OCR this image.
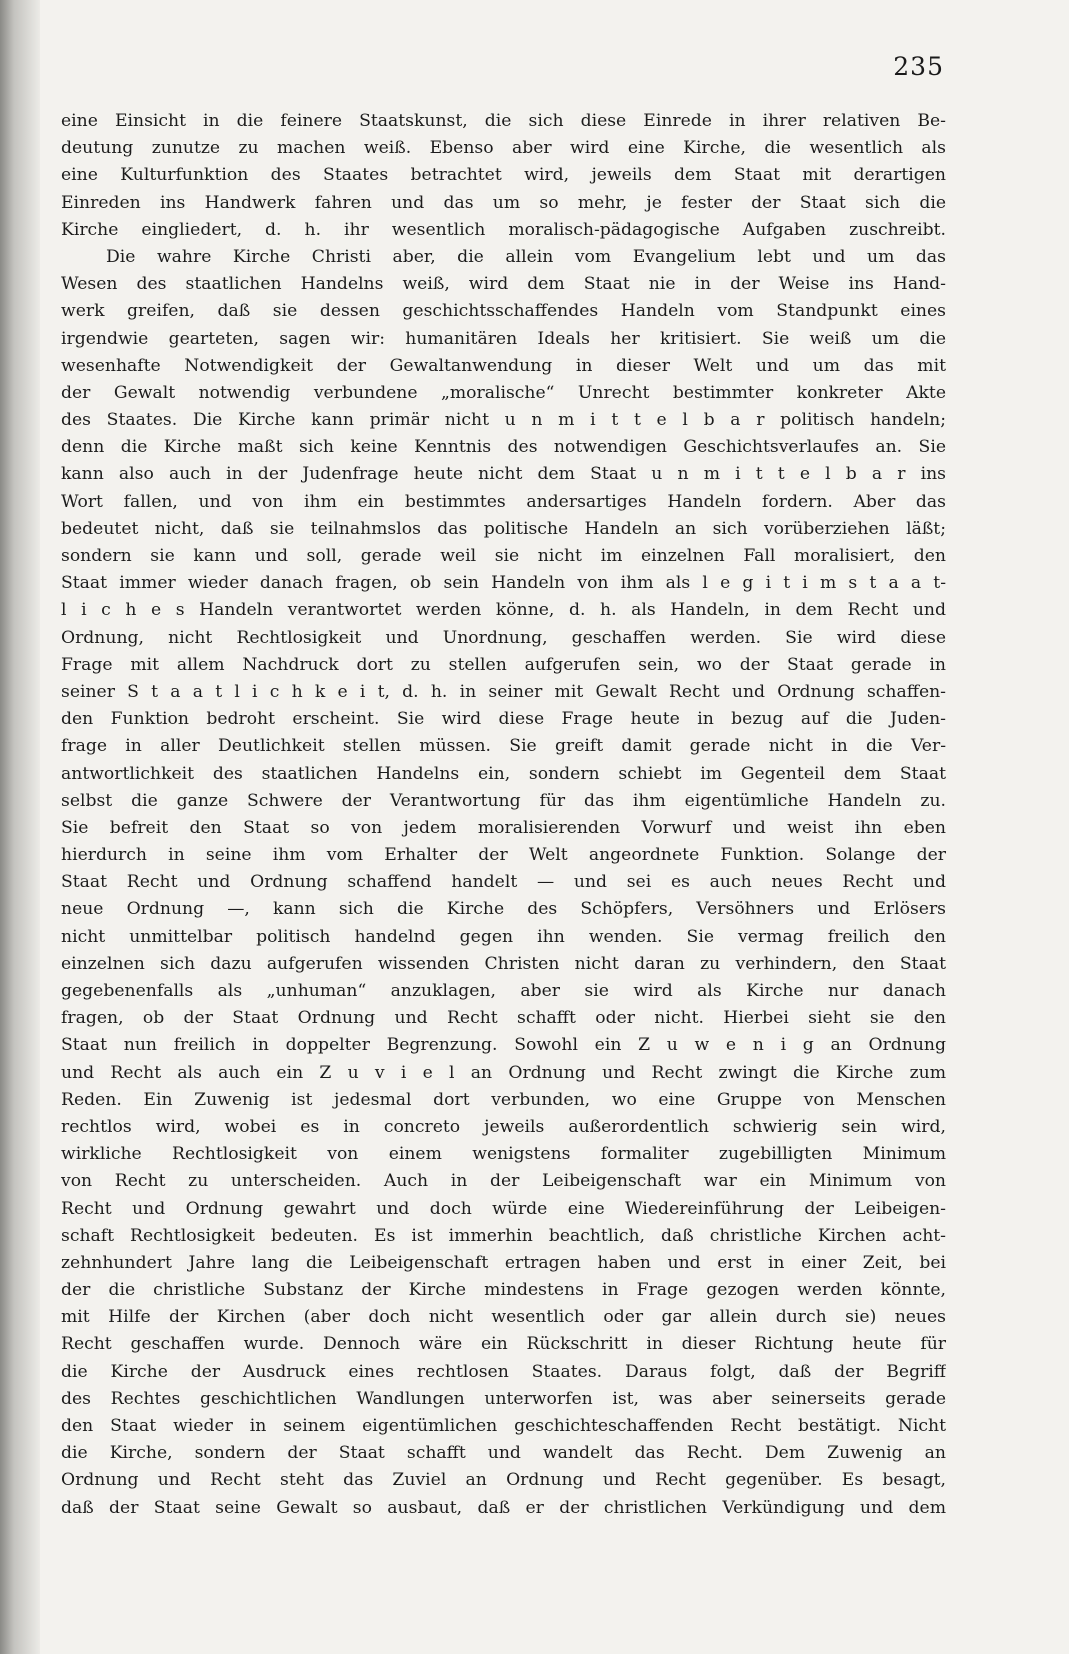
235
eine Einsicht in die feinere Staatskunst, die sich diese Einrede in ihrer relativen Be-
deutung zunutze zu machen weiß. Ebenso aber wird eine Kirche, die wesentlich als
eine Kulturfunktion des Staates betrachtet wird, jeweils dem Staat mit derartigen
Einreden ins Handwerk fahren und das um so mehr, je fester der Staat sich die
Kirche eingliedert, d. h. ihr wesentlich moralisch-pädagogische Aufgaben zuschreibt.
Die wahre Kirche Christi aber, die allein vom Evangelium lebt und um das
Wesen des staatlichen Handelns weiß, wird dem Staat nie in der Weise ins Hand-
werk greifen, daß sie dessen geschichtsschaffendes Handeln vom Standpunkt eines
irgendwie gearteten, sagen wir: humanitären Ideals her kritisiert. Sie weiß um die
wesenhafte Notwendigkeit der Gewaltanwendung in dieser Welt und um das mit
der Gewalt notwendig verbundene „moralische“ Unrecht bestimmter konkreter Akte
des Staates. Die Kirche kann primär nicht u n m i t t e l b a r politisch handeln;
denn die Kirche maßt sich keine Kenntnis des notwendigen Geschichtsverlaufes an. Sie
kann also auch in der Judenfrage heute nicht dem Staat u n m i t t e l b a r ins
Wort fallen, und von ihm ein bestimmtes andersartiges Handeln fordern. Aber das
bedeutet nicht, daß sie teilnahmslos das politische Handeln an sich vorüberziehen läßt;
sondern sie kann und soll, gerade weil sie nicht im einzelnen Fall moralisiert, den
Staat immer wieder danach fragen, ob sein Handeln von ihm als l e g i t i m s t a a t-
l i c h e s Handeln verantwortet werden könne, d. h. als Handeln, in dem Recht und
Ordnung, nicht Rechtlosigkeit und Unordnung, geschaffen werden. Sie wird diese
Frage mit allem Nachdruck dort zu stellen aufgerufen sein, wo der Staat gerade in
seiner S t a a t l i c h k e i t, d. h. in seiner mit Gewalt Recht und Ordnung schaffen-
den Funktion bedroht erscheint. Sie wird diese Frage heute in bezug auf die Juden-
frage in aller Deutlichkeit stellen müssen. Sie greift damit gerade nicht in die Ver-
antwortlichkeit des staatlichen Handelns ein, sondern schiebt im Gegenteil dem Staat
selbst die ganze Schwere der Verantwortung für das ihm eigentümliche Handeln zu.
Sie befreit den Staat so von jedem moralisierenden Vorwurf und weist ihn eben
hierdurch in seine ihm vom Erhalter der Welt angeordnete Funktion. Solange der
Staat Recht und Ordnung schaffend handelt — und sei es auch neues Recht und
neue Ordnung —, kann sich die Kirche des Schöpfers, Versöhners und Erlösers
nicht unmittelbar politisch handelnd gegen ihn wenden. Sie vermag freilich den
einzelnen sich dazu aufgerufen wissenden Christen nicht daran zu verhindern, den Staat
gegebenenfalls als „unhuman“ anzuklagen, aber sie wird als Kirche nur danach
fragen, ob der Staat Ordnung und Recht schafft oder nicht. Hierbei sieht sie den
Staat nun freilich in doppelter Begrenzung. Sowohl ein Z u w e n i g an Ordnung
und Recht als auch ein Z u v i e l an Ordnung und Recht zwingt die Kirche zum
Reden. Ein Zuwenig ist jedesmal dort verbunden, wo eine Gruppe von Menschen
rechtlos wird, wobei es in concreto jeweils außerordentlich schwierig sein wird,
wirkliche Rechtlosigkeit von einem wenigstens formaliter zugebilligten Minimum
von Recht zu unterscheiden. Auch in der Leibeigenschaft war ein Minimum von
Recht und Ordnung gewahrt und doch würde eine Wiedereinführung der Leibeigen-
schaft Rechtlosigkeit bedeuten. Es ist immerhin beachtlich, daß christliche Kirchen acht-
zehnhundert Jahre lang die Leibeigenschaft ertragen haben und erst in einer Zeit, bei
der die christliche Substanz der Kirche mindestens in Frage gezogen werden könnte,
mit Hilfe der Kirchen (aber doch nicht wesentlich oder gar allein durch sie) neues
Recht geschaffen wurde. Dennoch wäre ein Rückschritt in dieser Richtung heute für
die Kirche der Ausdruck eines rechtlosen Staates. Daraus folgt, daß der Begriff
des Rechtes geschichtlichen Wandlungen unterworfen ist, was aber seinerseits gerade
den Staat wieder in seinem eigentümlichen geschichteschaffenden Recht bestätigt. Nicht
die Kirche, sondern der Staat schafft und wandelt das Recht. Dem Zuwenig an
Ordnung und Recht steht das Zuviel an Ordnung und Recht gegenüber. Es besagt,
daß der Staat seine Gewalt so ausbaut, daß er der christlichen Verkündigung und dem
